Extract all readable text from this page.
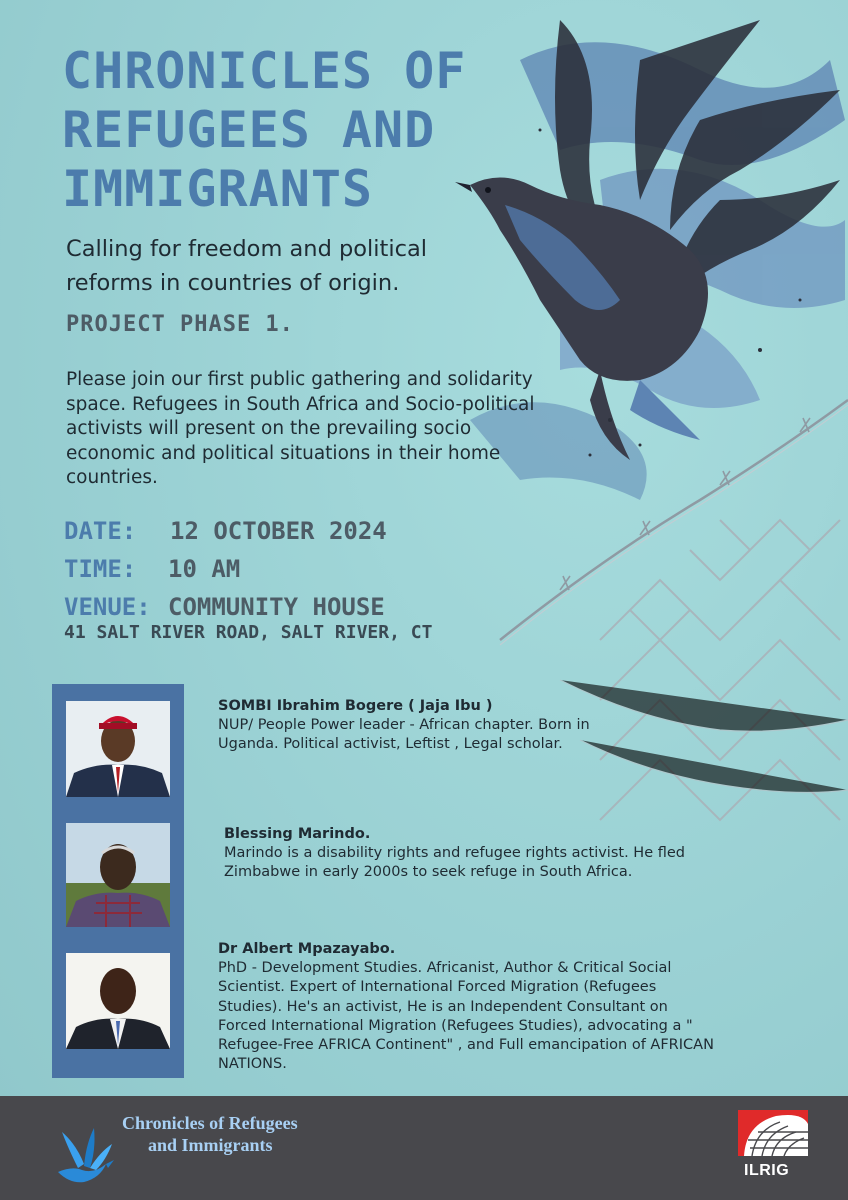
CHRONICLES OF
REFUGEES AND
IMMIGRANTS
Calling for freedom and political reforms in countries of origin.
PROJECT PHASE 1.
Please join our first public gathering and solidarity space. Refugees in South Africa and Socio-political activists will present on the prevailing socio economic and political situations in their home countries.
DATE: 12 OCTOBER 2024
TIME: 10 AM
VENUE: COMMUNITY HOUSE
41 SALT RIVER ROAD, SALT RIVER, CT
SOMBI Ibrahim Bogere ( Jaja Ibu )
NUP/ People Power leader - African chapter. Born in Uganda. Political activist, Leftist , Legal scholar.
Blessing Marindo.
Marindo is a disability rights and refugee rights activist. He fled Zimbabwe in early 2000s to seek refuge in South Africa.
Dr Albert Mpazayabo.
PhD - Development Studies. Africanist, Author & Critical Social Scientist. Expert of International Forced Migration (Refugees Studies). He's an activist, He is an Independent Consultant on Forced International Migration (Refugees Studies), advocating a " Refugee-Free AFRICA Continent" , and Full emancipation of AFRICAN NATIONS.
Chronicles of Refugees
and Immigrants
ILRIG
